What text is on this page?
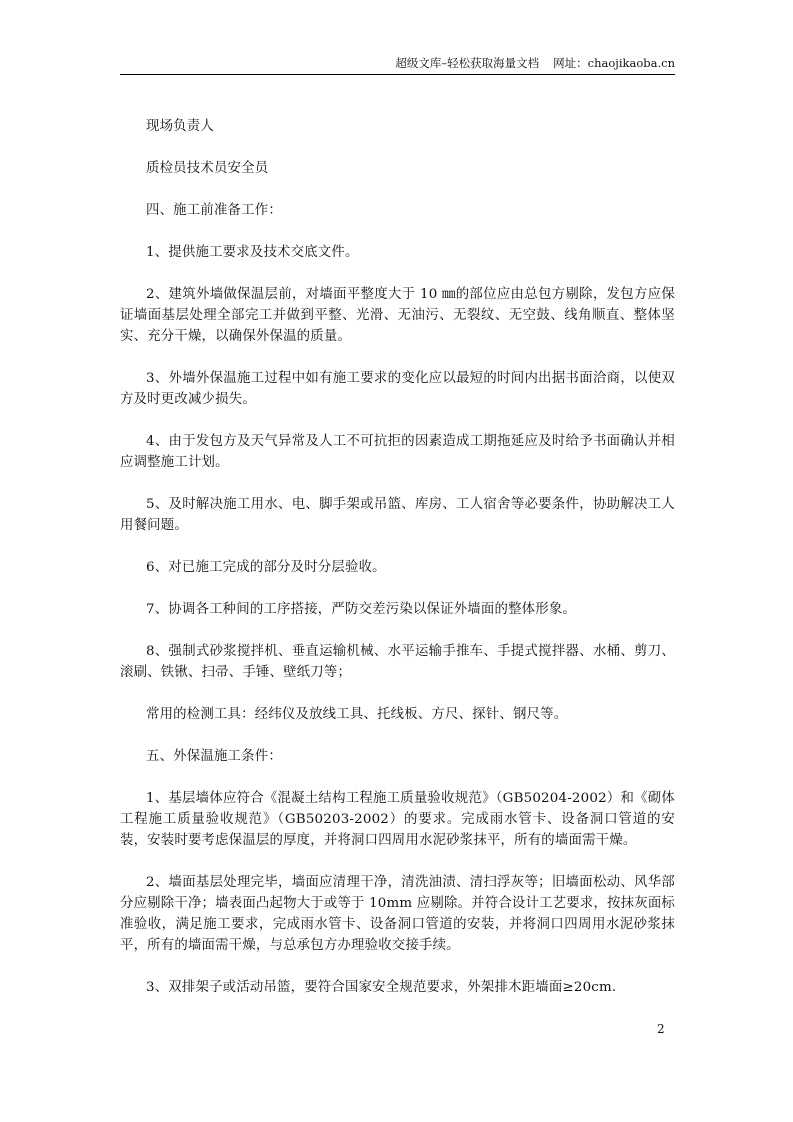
超级文库–轻松获取海量文档 网址：chaojikaoba.cn

现场负责人

质检员技术员安全员

四、施工前准备工作：

1、提供施工要求及技术交底文件。

2、建筑外墙做保温层前，对墙面平整度大于 10 ㎜的部位应由总包方剔除，发包方应保证墙面基层处理全部完工并做到平整、光滑、无油污、无裂纹、无空鼓、线角顺直、整体坚实、充分干燥，以确保外保温的质量。

3、外墙外保温施工过程中如有施工要求的变化应以最短的时间内出据书面洽商，以使双方及时更改减少损失。

4、由于发包方及天气异常及人工不可抗拒的因素造成工期拖延应及时给予书面确认并相应调整施工计划。

5、及时解决施工用水、电、脚手架或吊篮、库房、工人宿舍等必要条件，协助解决工人用餐问题。

6、对已施工完成的部分及时分层验收。

7、协调各工种间的工序搭接，严防交差污染以保证外墙面的整体形象。

8、强制式砂浆搅拌机、垂直运输机械、水平运输手推车、手提式搅拌器、水桶、剪刀、滚刷、铁锹、扫帚、手锤、壁纸刀等；

常用的检测工具：经纬仪及放线工具、托线板、方尺、探针、钢尺等。

五、外保温施工条件：

1、基层墙体应符合《混凝土结构工程施工质量验收规范》（GB50204-2002）和《砌体工程施工质量验收规范》（GB50203-2002）的要求。完成雨水管卡、设备洞口管道的安装，安装时要考虑保温层的厚度，并将洞口四周用水泥砂浆抹平，所有的墙面需干燥。

2、墙面基层处理完毕，墙面应清理干净，清洗油渍、清扫浮灰等；旧墙面松动、风华部分应剔除干净；墙表面凸起物大于或等于 10mm 应剔除。并符合设计工艺要求，按抹灰面标准验收，满足施工要求，完成雨水管卡、设备洞口管道的安装，并将洞口四周用水泥砂浆抹平，所有的墙面需干燥，与总承包方办理验收交接手续。

3、双排架子或活动吊篮，要符合国家安全规范要求，外架排木距墙面≥20cm.

2
